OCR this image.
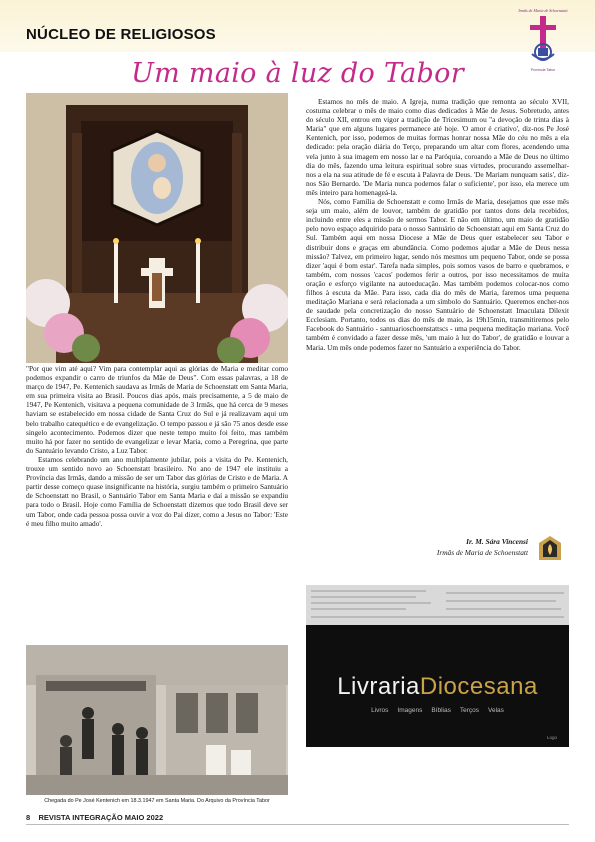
NÚCLEO DE RELIGIOSOS
Irmãs de Maria de Schoenstatt
Província Tabor
Um maio à luz do Tabor

"Por que vim até aqui? Vim para contemplar aqui as glórias de Maria e meditar como podemos expandir o carro de triunfos da Mãe de Deus". Com essas palavras, a 18 de março de 1947, Pe. Kentenich saudava as Irmãs de Maria de Schoenstatt em Santa Maria, em sua primeira visita ao Brasil. Poucos dias após, mais precisamente, a 5 de maio de 1947, Pe Kentenich, visitava a pequena comunidade de 3 Irmãs, que há cerca de 9 meses haviam se estabelecido em nossa cidade de Santa Cruz do Sul e já realizavam aqui um belo trabalho catequético e de evangelização. O tempo passou e já são 75 anos desde esse singelo acontecimento. Podemos dizer que neste tempo muito foi feito, mas também muito há por fazer no sentido de evangelizar e levar Maria, como a Peregrina, que parte do Santuário levando Cristo, a Luz Tabor.

Estamos celebrando um ano multiplamente jubilar, pois a visita do Pe. Kentenich, trouxe um sentido novo ao Schoenstatt brasileiro. No ano de 1947 ele instituiu a Província das Irmãs, dando a missão de ser um Tabor das glórias de Cristo e de Maria. A partir desse começo quase insignificante na história, surgiu também o primeiro Santuário de Schoenstatt no Brasil, o Santuário Tabor em Santa Maria e daí a missão se expandiu para todo o Brasil. Hoje como Família de Schoenstatt dizemos que todo Brasil deve ser um Tabor, onde cada pessoa possa ouvir a voz do Pai dizer, como a Jesus no Tabor: 'Este é meu filho muito amado'.

Estamos no mês de maio. A Igreja, numa tradição que remonta ao século XVII, costuma celebrar o mês de maio como dias dedicados à Mãe de Jesus. Sobretudo, antes do século XII, entrou em vigor a tradição de Tricesimum ou "a devoção de trinta dias à Maria" que em alguns lugares permanece até hoje. 'O amor é criativo', diz-nos Pe José Kentenich, por isso, podemos de muitas formas honrar nossa Mãe do céu no mês a ela dedicado: pela oração diária do Terço, preparando um altar com flores, acendendo uma vela junto à sua imagem em nosso lar e na Paróquia, coroando a Mãe de Deus no último dia do mês, fazendo uma leitura espiritual sobre suas virtudes, procurando assemelhar-nos a ela na sua atitude de fé e escuta à Palavra de Deus. 'De Mariam nunquam satis', diz-nos São Bernardo. 'De Maria nunca podemos falar o suficiente', por isso, ela merece um mês inteiro para homenageá-la.

Nós, como Família de Schoenstatt e como Irmãs de Maria, desejamos que esse mês seja um maio, além de louvor, também de gratidão por tantos dons dela recebidos, incluindo entre eles a missão de sermos Tabor. E não em último, um maio de gratidão pelo novo espaço adquirido para o nosso Santuário de Schoenstatt aqui em Santa Cruz do Sul. Também aqui em nossa Diocese a Mãe de Deus quer estabelecer seu Tabor e distribuir dons e graças em abundância. Como podemos ajudar a Mãe de Deus nessa missão? Talvez, em primeiro lugar, sendo nós mesmos um pequeno Tabor, onde se possa dizer 'aqui é bom estar'. Tarefa nada simples, pois somos vasos de barro e quebramos, e também, com nossos 'cacos' podemos ferir a outros, por isso necessitamos de muita oração e esforço vigilante na autoeducação. Mas também podemos colocar-nos como filhos à escuta da Mãe. Para isso, cada dia do mês de Maria, faremos uma pequena meditação Mariana e será relacionada a um símbolo do Santuário. Queremos encher-nos de saudade pela concretização do nosso Santuário de Schoenstatt Imaculata Dilexit Ecclesiam. Portanto, todos os dias do mês de maio, às 19h15min, transmitiremos pelo Facebook do Santuário - santuarioschoenstattscs - uma pequena meditação mariana. Você também é convidado a fazer desse mês, 'um maio à luz do Tabor', de gratidão e louvar a Maria. Um mês onde podemos fazer no Santuário a experiência do Tabor.

Ir. M. Sára Vincensi
Irmãs de Maria de Schoenstatt
Chegada do Pe José Kentenich em 18.3.1947 em Santa Maria. Do Arquivo da Província Tabor
LivrariaDiocesana
Livros Imagens Bíblias Terços Velas
Logo
8 REVISTA INTEGRAÇÃO MAIO 2022
